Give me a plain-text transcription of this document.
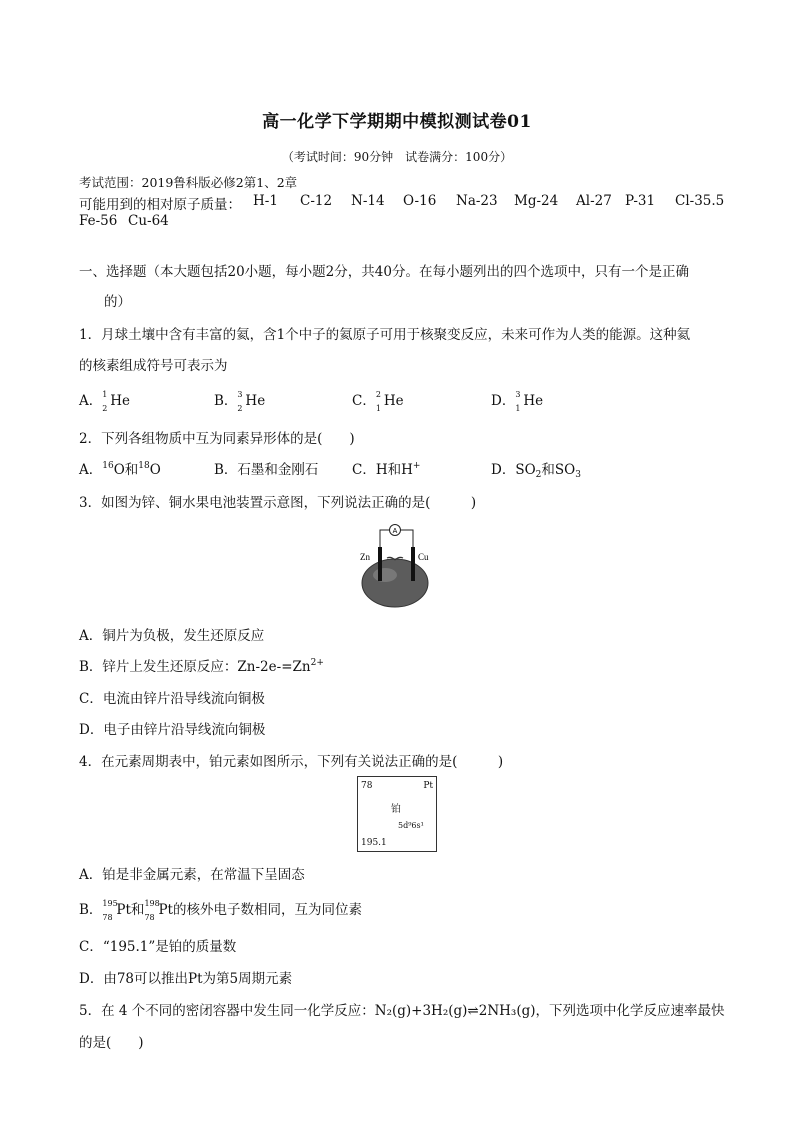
高一化学下学期期中模拟测试卷01
（考试时间：90分钟　试卷满分：100分）
考试范围：2019鲁科版必修2第1、2章
可能用到的相对原子质量： H-1 C-12 N-14 O-16 Na-23 Mg-24 Al-27 P-31 Cl-35.5
Fe-56 Cu-64
一、选择题（本大题包括20小题，每小题2分，共40分。在每小题列出的四个选项中，只有一个是正确
的）
1．月球土壤中含有丰富的氦，含1个中子的氦原子可用于核聚变反应，未来可作为人类的能源。这种氦
的核素组成符号可表示为
A． 1
2 He	B． 3
2 He	C． 2
1 He	D． 3
1 He
2．下列各组物质中互为同素异形体的是(　　)
A．$^{16}$O和$^{18}$O	B．石墨和金刚石 C．H和H+	D．$SO_2$和$SO_3$
3．如图为锌、铜水果电池装置示意图，下列说法正确的是(　　　)
A
Zn	Cu
A．铜片为负极，发生还原反应
B．锌片上发生还原反应：$Zn-2e-=Zn^{2+}$
C．电流由锌片沿导线流向铜极
D．电子由锌片沿导线流向铜极
4．在元素周期表中，铂元素如图所示，下列有关说法正确的是(　　　)
78	Pt
铂
5d⁹6s¹
195.1
A．铂是非金属元素，在常温下呈固态
B． 195
78 Pt和 198
78 Pt的核外电子数相同，互为同位素
C．“195.1”是铂的质量数
D．由78可以推出Pt为第5周期元素
5．在 4 个不同的密闭容器中发生同一化学反应：N₂(g)+3H₂(g)⇌2NH₃(g)，下列选项中化学反应速率最快
的是(　　)
